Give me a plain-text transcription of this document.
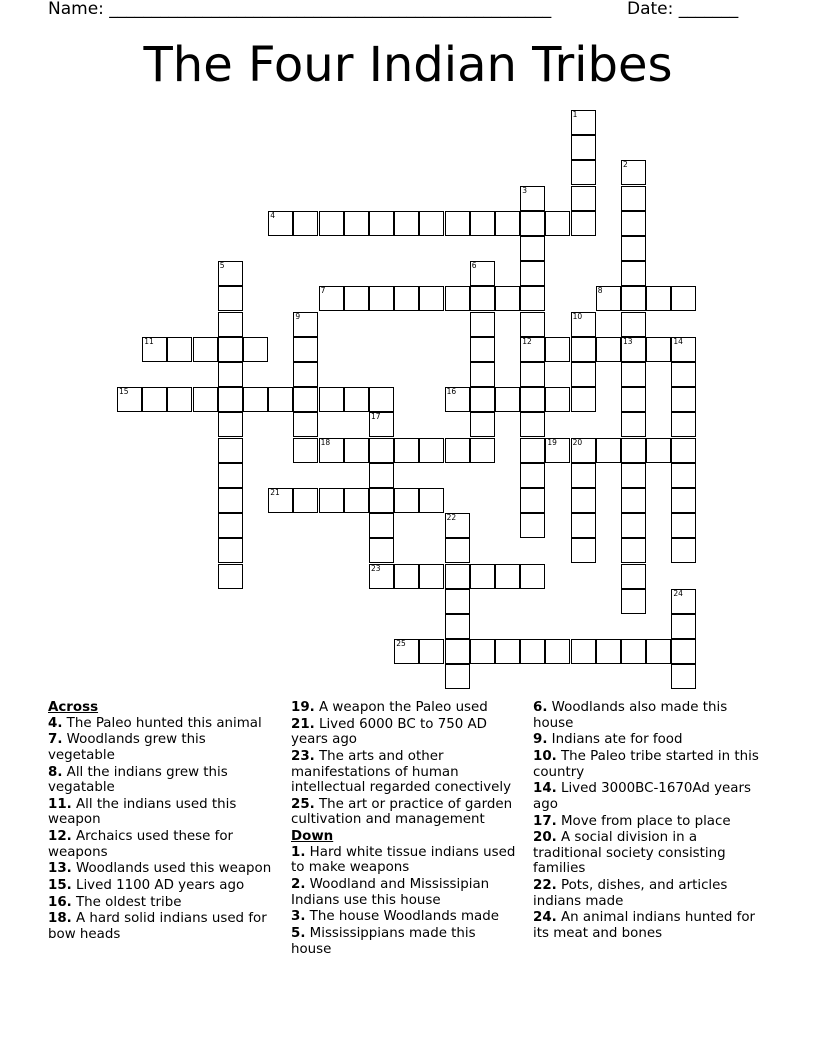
Name: ____________________________________________________	Date: _______
The Four Indian Tribes
1
2
13
3
12
4
5	6
7	8
9	10
11	14
15	16
17
23
18	19 20
21
22
24
25

Across

4. The Paleo hunted this animal

7. Woodlands grew this vegetable

8. All the indians grew this vegatable

11. All the indians used this weapon

12. Archaics used these for weapons

13. Woodlands used this weapon

15. Lived 1100 AD years ago

16. The oldest tribe

18. A hard solid indians used for bow heads

19. A weapon the Paleo used

21. Lived 6000 BC to 750 AD years ago

23. The arts and other manifestations of human intellectual regarded conectively

25. The art or practice of garden cultivation and management

Down

1. Hard white tissue indians used to make weapons

2. Woodland and Mississipian Indians use this house

3. The house Woodlands made

5. Mississippians made this house

6. Woodlands also made this house

9. Indians ate for food

10. The Paleo tribe started in this country

14. Lived 3000BC-1670Ad years ago

17. Move from place to place

20. A social division in a traditional society consisting families

22. Pots, dishes, and articles indians made

24. An animal indians hunted for its meat and bones
